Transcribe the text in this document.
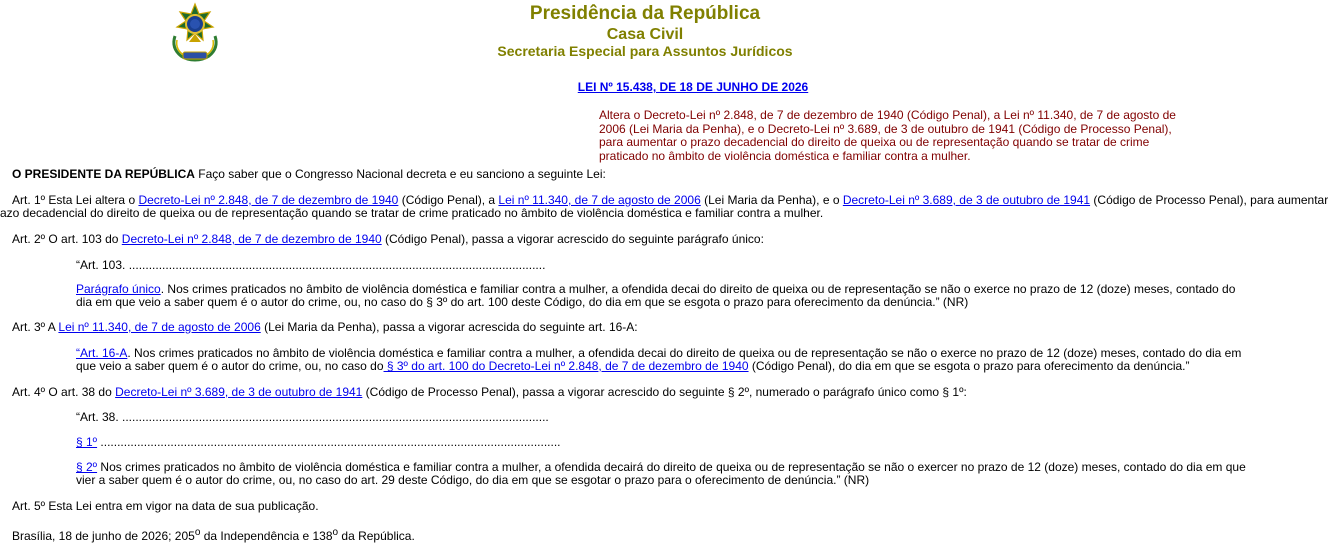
Presidência da República
Casa Civil
Secretaria Especial para Assuntos Jurídicos
LEI Nº 15.438, DE 18 DE JUNHO DE 2026
Altera o Decreto-Lei nº 2.848, de 7 de dezembro de 1940 (Código Penal), a Lei nº 11.340, de 7 de agosto de 2006 (Lei Maria da Penha), e o Decreto-Lei nº 3.689, de 3 de outubro de 1941 (Código de Processo Penal), para aumentar o prazo decadencial do direito de queixa ou de representação quando se tratar de crime praticado no âmbito de violência doméstica e familiar contra a mulher.
O PRESIDENTE DA REPÚBLICA Faço saber que o Congresso Nacional decreta e eu sanciono a seguinte Lei:
Art. 1º Esta Lei altera o Decreto-Lei nº 2.848, de 7 de dezembro de 1940 (Código Penal), a Lei nº 11.340, de 7 de agosto de 2006 (Lei Maria da Penha), e o Decreto-Lei nº 3.689, de 3 de outubro de 1941 (Código de Processo Penal), para aumentar
azo decadencial do direito de queixa ou de representação quando se tratar de crime praticado no âmbito de violência doméstica e familiar contra a mulher.
Art. 2º O art. 103 do Decreto-Lei nº 2.848, de 7 de dezembro de 1940 (Código Penal), passa a vigorar acrescido do seguinte parágrafo único:
“Art. 103. .............................................................................................................................
Parágrafo único. Nos crimes praticados no âmbito de violência doméstica e familiar contra a mulher, a ofendida decai do direito de queixa ou de representação se não o exerce no prazo de 12 (doze) meses, contado do
dia em que veio a saber quem é o autor do crime, ou, no caso do § 3º do art. 100 deste Código, do dia em que se esgota o prazo para oferecimento da denúncia.” (NR)
Art. 3º A Lei nº 11.340, de 7 de agosto de 2006 (Lei Maria da Penha), passa a vigorar acrescida do seguinte art. 16-A:
“Art. 16-A. Nos crimes praticados no âmbito de violência doméstica e familiar contra a mulher, a ofendida decai do direito de queixa ou de representação se não o exerce no prazo de 12 (doze) meses, contado do dia em
que veio a saber quem é o autor do crime, ou, no caso do § 3º do art. 100 do Decreto-Lei nº 2.848, de 7 de dezembro de 1940 (Código Penal), do dia em que se esgota o prazo para oferecimento da denúncia.”
Art. 4º O art. 38 do Decreto-Lei nº 3.689, de 3 de outubro de 1941 (Código de Processo Penal), passa a vigorar acrescido do seguinte § 2º, numerado o parágrafo único como § 1º:
“Art. 38. ................................................................................................................................
§ 1º ..........................................................................................................................................
§ 2º Nos crimes praticados no âmbito de violência doméstica e familiar contra a mulher, a ofendida decairá do direito de queixa ou de representação se não o exercer no prazo de 12 (doze) meses, contado do dia em que
vier a saber quem é o autor do crime, ou, no caso do art. 29 deste Código, do dia em que se esgotar o prazo para o oferecimento de denúncia.” (NR)
Art. 5º Esta Lei entra em vigor na data de sua publicação.
Brasília, 18 de junho de 2026; 205$^o$ da Independência e 138$^o$ da República.
